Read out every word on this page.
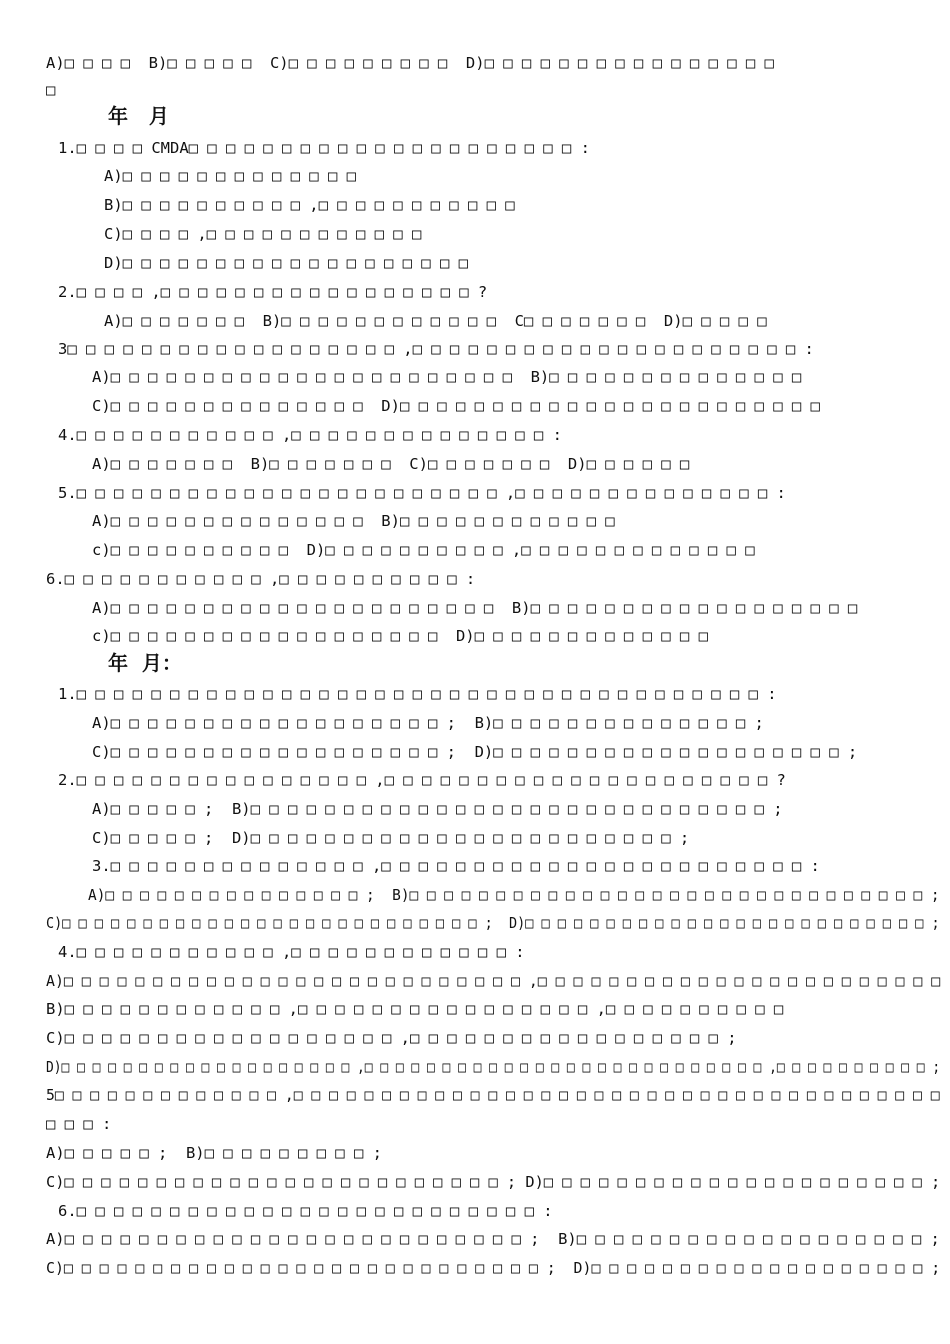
A)□ □ □ □  B)□ □ □ □ □  C)□ □ □ □ □ □ □ □ □  D)□ □ □ □ □ □ □ □ □ □ □ □ □ □ □ □
□
年   月
1.□ □ □ □ CMDA□ □ □ □ □ □ □ □ □ □ □ □ □ □ □ □ □ □ □ □ □ :
A)□ □ □ □ □ □ □ □ □ □ □ □ □
B)□ □ □ □ □ □ □ □ □ □ ,□ □ □ □ □ □ □ □ □ □ □
C)□ □ □ □ ,□ □ □ □ □ □ □ □ □ □ □ □
D)□ □ □ □ □ □ □ □ □ □ □ □ □ □ □ □ □ □ □
2.□ □ □ □ ,□ □ □ □ □ □ □ □ □ □ □ □ □ □ □ □ □ ?
A)□ □ □ □ □ □ □  B)□ □ □ □ □ □ □ □ □ □ □ □  C□ □ □ □ □ □ □  D)□ □ □ □ □
3□ □ □ □ □ □ □ □ □ □ □ □ □ □ □ □ □ □ ,□ □ □ □ □ □ □ □ □ □ □ □ □ □ □ □ □ □ □ □ □ :
A)□ □ □ □ □ □ □ □ □ □ □ □ □ □ □ □ □ □ □ □ □ □  B)□ □ □ □ □ □ □ □ □ □ □ □ □ □
C)□ □ □ □ □ □ □ □ □ □ □ □ □ □  D)□ □ □ □ □ □ □ □ □ □ □ □ □ □ □ □ □ □ □ □ □ □ □
4.□ □ □ □ □ □ □ □ □ □ □ ,□ □ □ □ □ □ □ □ □ □ □ □ □ □ :
A)□ □ □ □ □ □ □  B)□ □ □ □ □ □ □  C)□ □ □ □ □ □ □  D)□ □ □ □ □ □
5.□ □ □ □ □ □ □ □ □ □ □ □ □ □ □ □ □ □ □ □ □ □ □ ,□ □ □ □ □ □ □ □ □ □ □ □ □ □ :
A)□ □ □ □ □ □ □ □ □ □ □ □ □ □  B)□ □ □ □ □ □ □ □ □ □ □ □
c)□ □ □ □ □ □ □ □ □ □  D)□ □ □ □ □ □ □ □ □ □ ,□ □ □ □ □ □ □ □ □ □ □ □ □
6.□ □ □ □ □ □ □ □ □ □ □ ,□ □ □ □ □ □ □ □ □ □ :
A)□ □ □ □ □ □ □ □ □ □ □ □ □ □ □ □ □ □ □ □ □  B)□ □ □ □ □ □ □ □ □ □ □ □ □ □ □ □ □ □
c)□ □ □ □ □ □ □ □ □ □ □ □ □ □ □ □ □ □  D)□ □ □ □ □ □ □ □ □ □ □ □ □
年  月：
1.□ □ □ □ □ □ □ □ □ □ □ □ □ □ □ □ □ □ □ □ □ □ □ □ □ □ □ □ □ □ □ □ □ □ □ □ □ :
A)□ □ □ □ □ □ □ □ □ □ □ □ □ □ □ □ □ □ ;  B)□ □ □ □ □ □ □ □ □ □ □ □ □ □ ;
C)□ □ □ □ □ □ □ □ □ □ □ □ □ □ □ □ □ □ ;  D)□ □ □ □ □ □ □ □ □ □ □ □ □ □ □ □ □ □ □ ;
2.□ □ □ □ □ □ □ □ □ □ □ □ □ □ □ □ ,□ □ □ □ □ □ □ □ □ □ □ □ □ □ □ □ □ □ □ □ □ ?
A)□ □ □ □ □ ;  B)□ □ □ □ □ □ □ □ □ □ □ □ □ □ □ □ □ □ □ □ □ □ □ □ □ □ □ □ ;
C)□ □ □ □ □ ;  D)□ □ □ □ □ □ □ □ □ □ □ □ □ □ □ □ □ □ □ □ □ □ □ ;
3.□ □ □ □ □ □ □ □ □ □ □ □ □ □ ,□ □ □ □ □ □ □ □ □ □ □ □ □ □ □ □ □ □ □ □ □ □ □ :
A)□ □ □ □ □ □ □ □ □ □ □ □ □ □ □ ;  B)□ □ □ □ □ □ □ □ □ □ □ □ □ □ □ □ □ □ □ □ □ □ □ □ □ □ □ □ □ □ ;
C)□ □ □ □ □ □ □ □ □ □ □ □ □ □ □ □ □ □ □ □ □ □ □ □ □ □ ;  D)□ □ □ □ □ □ □ □ □ □ □ □ □ □ □ □ □ □ □ □ □ □ □ □ □ ;
4.□ □ □ □ □ □ □ □ □ □ □ ,□ □ □ □ □ □ □ □ □ □ □ □ :
A)□ □ □ □ □ □ □ □ □ □ □ □ □ □ □ □ □ □ □ □ □ □ □ □ □ □ ,□ □ □ □ □ □ □ □ □ □ □ □ □ □ □ □ □ □ □ □ □ □ □
B)□ □ □ □ □ □ □ □ □ □ □ □ ,□ □ □ □ □ □ □ □ □ □ □ □ □ □ □ □ ,□ □ □ □ □ □ □ □ □ □
C)□ □ □ □ □ □ □ □ □ □ □ □ □ □ □ □ □ □ ,□ □ □ □ □ □ □ □ □ □ □ □ □ □ □ □ □ ;
D)□ □ □ □ □ □ □ □ □ □ □ □ □ □ □ □ □ □ □ ,□ □ □ □ □ □ □ □ □ □ □ □ □ □ □ □ □ □ □ □ □ □ □ □ □ □ ,□ □ □ □ □ □ □ □ □ □ ;
5□ □ □ □ □ □ □ □ □ □ □ □ □ ,□ □ □ □ □ □ □ □ □ □ □ □ □ □ □ □ □ □ □ □ □ □ □ □ □ □ □ □ □ □ □ □ □ □ □ □ □
□ □ □ :
A)□ □ □ □ □ ;  B)□ □ □ □ □ □ □ □ □ ;
C)□ □ □ □ □ □ □ □ □ □ □ □ □ □ □ □ □ □ □ □ □ □ □ □ ; D)□ □ □ □ □ □ □ □ □ □ □ □ □ □ □ □ □ □ □ □ □ ;
6.□ □ □ □ □ □ □ □ □ □ □ □ □ □ □ □ □ □ □ □ □ □ □ □ □ :
A)□ □ □ □ □ □ □ □ □ □ □ □ □ □ □ □ □ □ □ □ □ □ □ □ □ ;  B)□ □ □ □ □ □ □ □ □ □ □ □ □ □ □ □ □ □ □ ;
C)□ □ □ □ □ □ □ □ □ □ □ □ □ □ □ □ □ □ □ □ □ □ □ □ □ □ □ ;  D)□ □ □ □ □ □ □ □ □ □ □ □ □ □ □ □ □ □ □ ;
